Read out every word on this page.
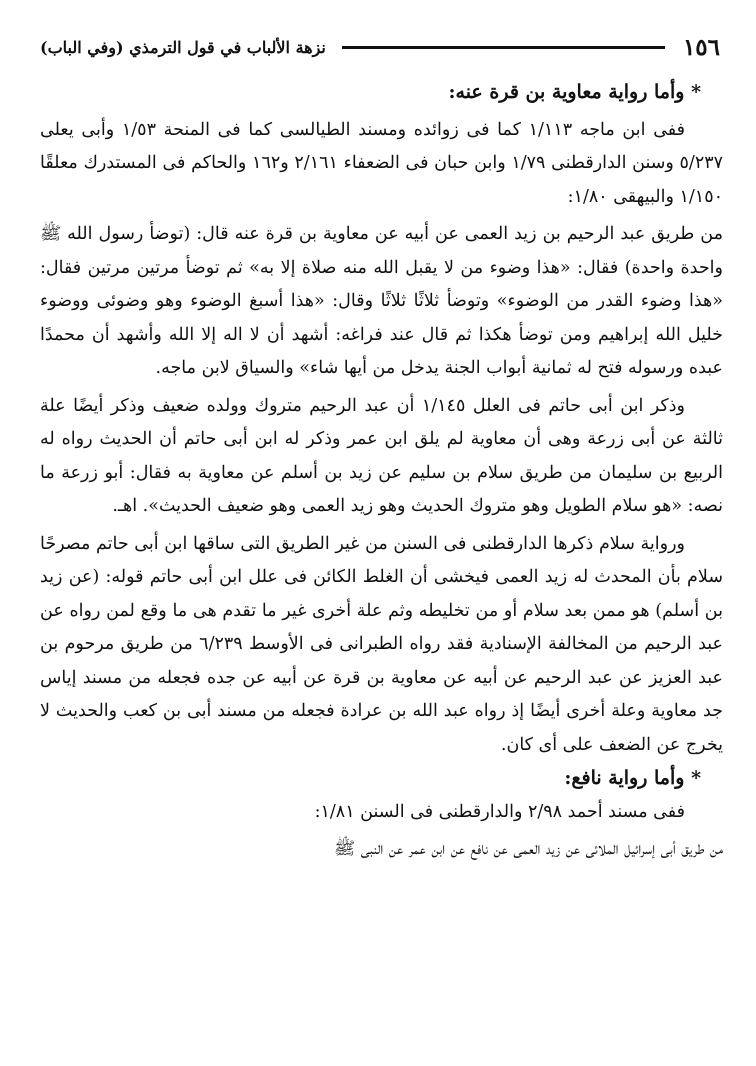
١٥٦
نزهة الألباب في قول الترمذي (وفي الباب)

* وأما رواية معاوية بن قرة عنه:

ففى ابن ماجه ١/١١٣ كما فى زوائده ومسند الطيالسى كما فى المنحة ١/٥٣ وأبى يعلى ٥/٢٣٧ وسنن الدارقطنى ١/٧٩ وابن حبان فى الضعفاء ٢/١٦١ و١٦٢ والحاكم فى المستدرك معلقًا ١/١٥٠ والبيهقى ١/٨٠:

من طريق عبد الرحيم بن زيد العمى عن أبيه عن معاوية بن قرة عنه قال: (توضأ رسول الله ﷺ واحدة واحدة) فقال: «هذا وضوء من لا يقبل الله منه صلاة إلا به» ثم توضأ مرتين مرتين فقال: «هذا وضوء القدر من الوضوء» وتوضأ ثلاثًا ثلاثًا وقال: «هذا أسبغ الوضوء وهو وضوئى ووضوء خليل الله إبراهيم ومن توضأ هكذا ثم قال عند فراغه: أشهد أن لا اله إلا الله وأشهد أن محمدًا عبده ورسوله فتح له ثمانية أبواب الجنة يدخل من أيها شاء» والسياق لابن ماجه.

وذكر ابن أبى حاتم فى العلل ١/١٤٥ أن عبد الرحيم متروك وولده ضعيف وذكر أيضًا علة ثالثة عن أبى زرعة وهى أن معاوية لم يلق ابن عمر وذكر له ابن أبى حاتم أن الحديث رواه له الربيع بن سليمان من طريق سلام بن سليم عن زيد بن أسلم عن معاوية به فقال: أبو زرعة ما نصه: «هو سلام الطويل وهو متروك الحديث وهو زيد العمى وهو ضعيف الحديث». اهـ.

ورواية سلام ذكرها الدارقطنى فى السنن من غير الطريق التى ساقها ابن أبى حاتم مصرحًا سلام بأن المحدث له زيد العمى فيخشى أن الغلط الكائن فى علل ابن أبى حاتم قوله: (عن زيد بن أسلم) هو ممن بعد سلام أو من تخليطه وثم علة أخرى غير ما تقدم هى ما وقع لمن رواه عن عبد الرحيم من المخالفة الإسنادية فقد رواه الطبرانى فى الأوسط ٦/٢٣٩ من طريق مرحوم بن عبد العزيز عن عبد الرحيم عن أبيه عن معاوية بن قرة عن أبيه عن جده فجعله من مسند إياس جد معاوية وعلة أخرى أيضًا إذ رواه عبد الله بن عرادة فجعله من مسند أبى بن كعب والحديث لا يخرج عن الضعف على أى كان.

* وأما رواية نافع:

ففى مسند أحمد ٢/٩٨ والدارقطنى فى السنن ١/٨١:

من طريق أبى إسرائيل الملائى عن زيد العمى عن نافع عن ابن عمر عن النبى ﷺ
